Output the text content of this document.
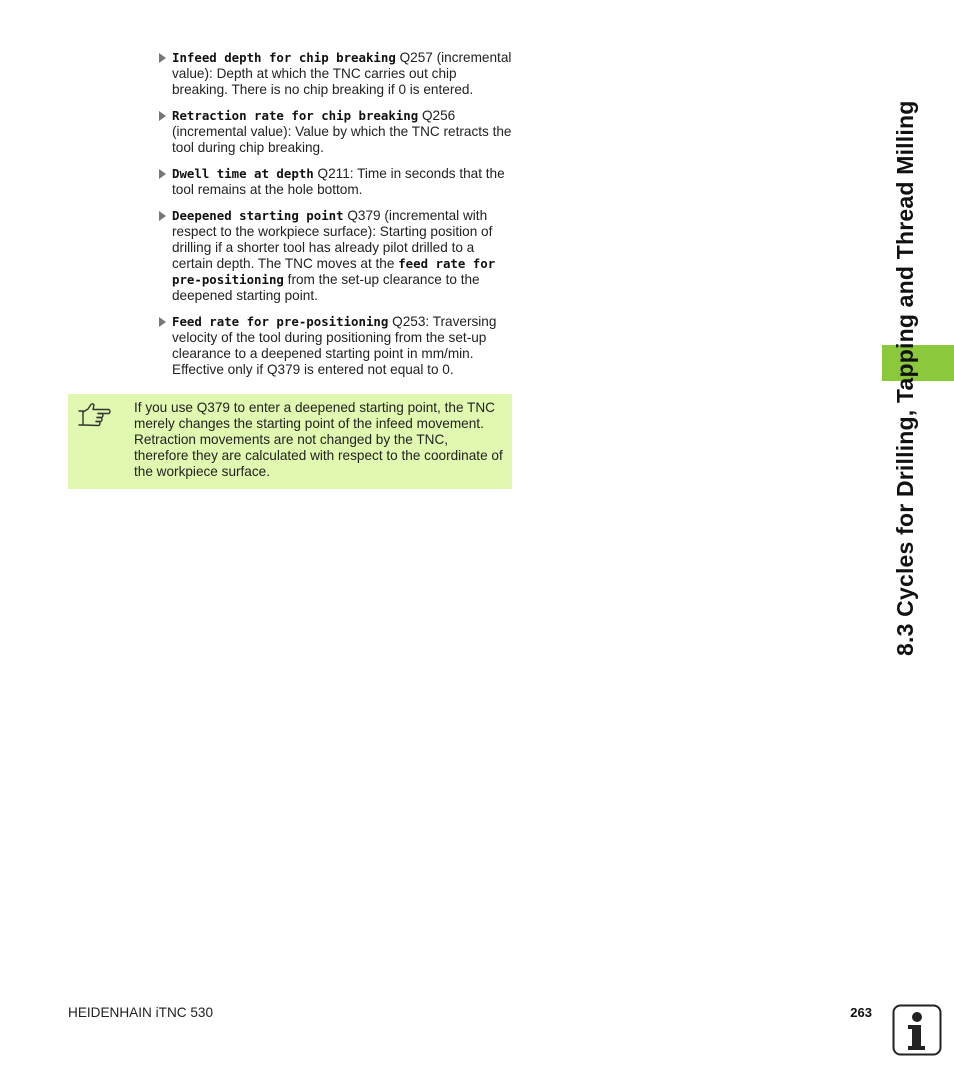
Infeed depth for chip breaking Q257 (incremental value): Depth at which the TNC carries out chip breaking. There is no chip breaking if 0 is entered.
Retraction rate for chip breaking Q256 (incremental value): Value by which the TNC retracts the tool during chip breaking.
Dwell time at depth Q211: Time in seconds that the tool remains at the hole bottom.
Deepened starting point Q379 (incremental with respect to the workpiece surface): Starting position of drilling if a shorter tool has already pilot drilled to a certain depth. The TNC moves at the feed rate for pre-positioning from the set-up clearance to the deepened starting point.
Feed rate for pre-positioning Q253: Traversing velocity of the tool during positioning from the set-up clearance to a deepened starting point in mm/min. Effective only if Q379 is entered not equal to 0.
If you use Q379 to enter a deepened starting point, the TNC merely changes the starting point of the infeed movement. Retraction movements are not changed by the TNC, therefore they are calculated with respect to the coordinate of the workpiece surface.	8.3 Cycles for Drilling, Tapping and Thread Milling
HEIDENHAIN iTNC 530	263
